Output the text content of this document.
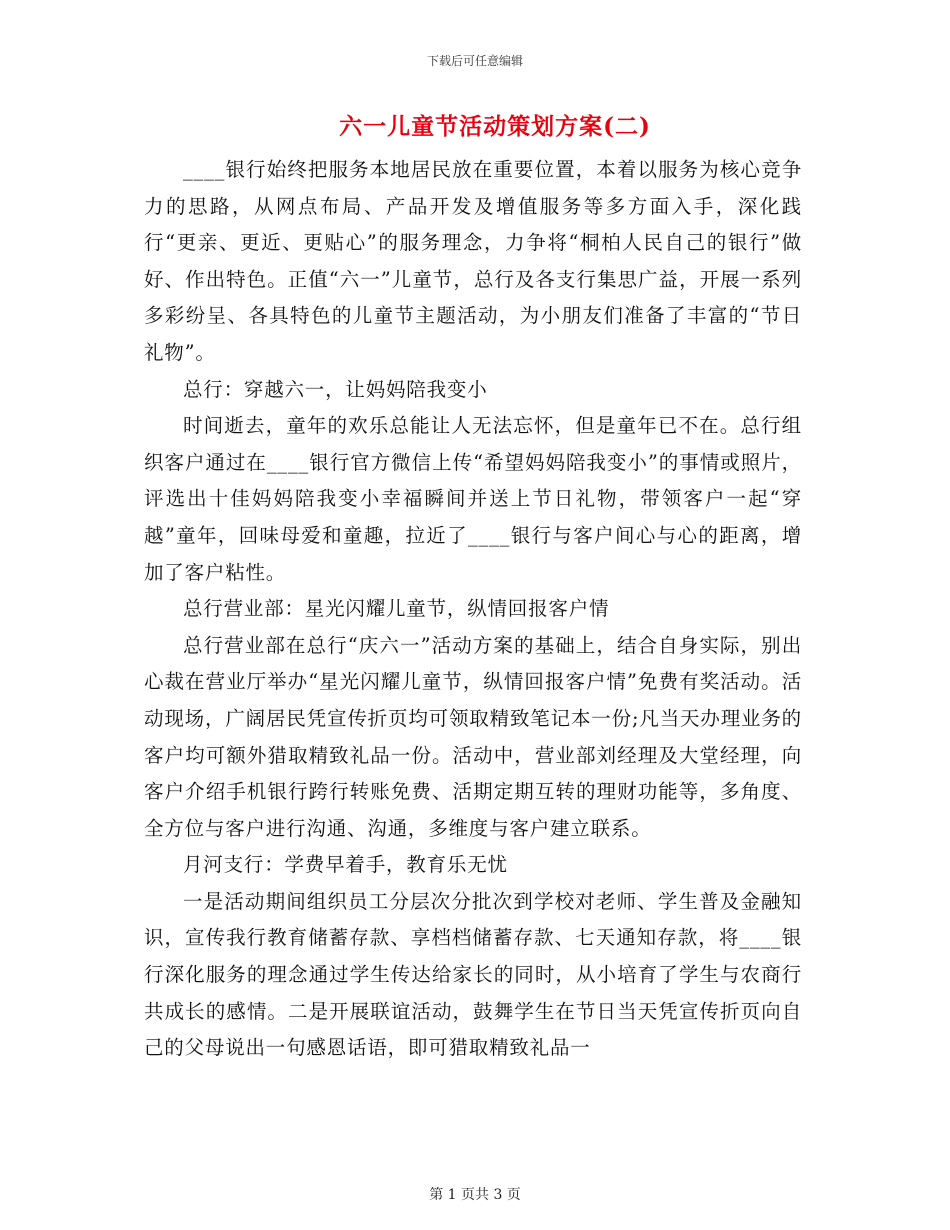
下载后可任意编辑
六一儿童节活动策划方案(二)

____银行始终把服务本地居民放在重要位置，本着以服务为核心竞争力的思路，从网点布局、产品开发及增值服务等多方面入手，深化践行“更亲、更近、更贴心”的服务理念，力争将“桐柏人民自己的银行”做好、作出特色。正值“六一”儿童节，总行及各支行集思广益，开展一系列多彩纷呈、各具特色的儿童节主题活动，为小朋友们准备了丰富的“节日礼物”。

总行：穿越六一，让妈妈陪我变小

时间逝去，童年的欢乐总能让人无法忘怀，但是童年已不在。总行组织客户通过在____银行官方微信上传“希望妈妈陪我变小”的事情或照片，评选出十佳妈妈陪我变小幸福瞬间并送上节日礼物，带领客户一起“穿越”童年，回味母爱和童趣，拉近了____银行与客户间心与心的距离，增加了客户粘性。

总行营业部：星光闪耀儿童节，纵情回报客户情

总行营业部在总行“庆六一”活动方案的基础上，结合自身实际，别出心裁在营业厅举办“星光闪耀儿童节，纵情回报客户情”免费有奖活动。活动现场，广阔居民凭宣传折页均可领取精致笔记本一份;凡当天办理业务的客户均可额外猎取精致礼品一份。活动中，营业部刘经理及大堂经理，向客户介绍手机银行跨行转账免费、活期定期互转的理财功能等，多角度、全方位与客户进行沟通、沟通，多维度与客户建立联系。

月河支行：学费早着手，教育乐无忧

一是活动期间组织员工分层次分批次到学校对老师、学生普及金融知识，宣传我行教育储蓄存款、享档档储蓄存款、七天通知存款，将____银行深化服务的理念通过学生传达给家长的同时，从小培育了学生与农商行共成长的感情。二是开展联谊活动，鼓舞学生在节日当天凭宣传折页向自己的父母说出一句感恩话语，即可猎取精致礼品一

第 1 页共 3 页
